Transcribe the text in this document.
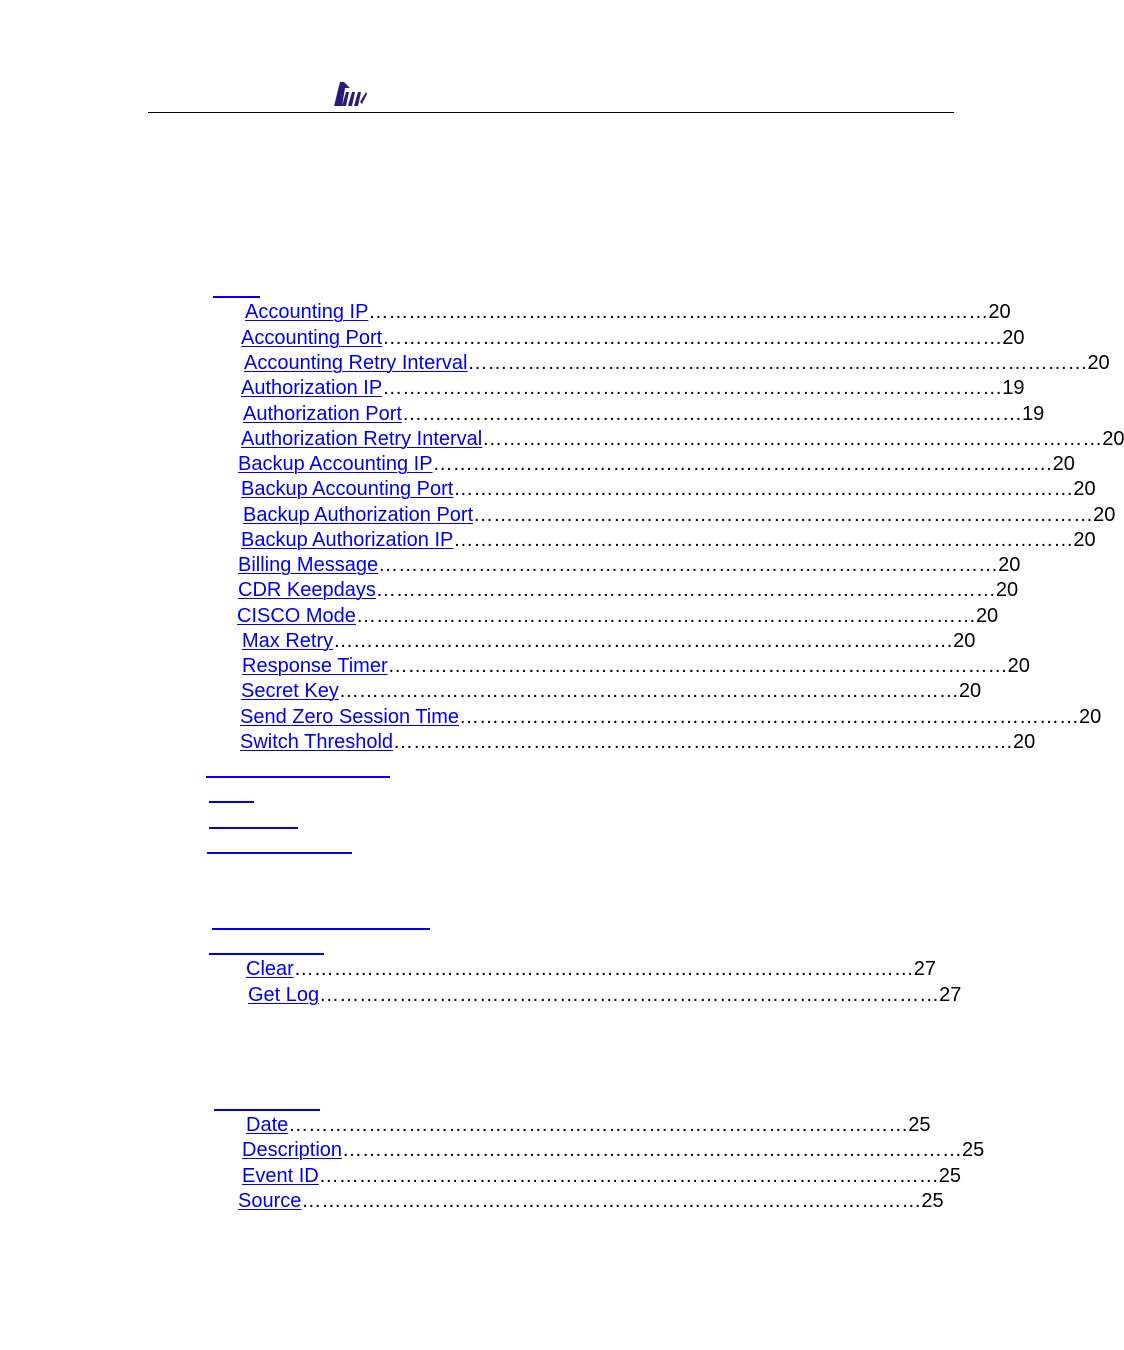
Accounting IP ………………………………………………………………………………… 20
Accounting Port ………………………………………………………………………………… 20
Accounting Retry Interval ………………………………………………………………………………… 20
Authorization IP ………………………………………………………………………………… 19
Authorization Port ………………………………………………………………………………… 19
Authorization Retry Interval ………………………………………………………………………………… 20
Backup Accounting IP ………………………………………………………………………………… 20
Backup Accounting Port ………………………………………………………………………………… 20
Backup Authorization Port ………………………………………………………………………………… 20
Backup Authorization IP ………………………………………………………………………………… 20
Billing Message ………………………………………………………………………………… 20
CDR Keepdays ………………………………………………………………………………… 20
CISCO Mode ………………………………………………………………………………… 20
Max Retry ………………………………………………………………………………… 20
Response Timer ………………………………………………………………………………… 20
Secret Key ………………………………………………………………………………… 20
Send Zero Session Time ………………………………………………………………………………… 20
Switch Threshold ………………………………………………………………………………… 20
Clear ………………………………………………………………………………… 27
Get Log ………………………………………………………………………………… 27
Date ………………………………………………………………………………… 25
Description ………………………………………………………………………………… 25
Event ID ………………………………………………………………………………… 25
Source ………………………………………………………………………………… 25
